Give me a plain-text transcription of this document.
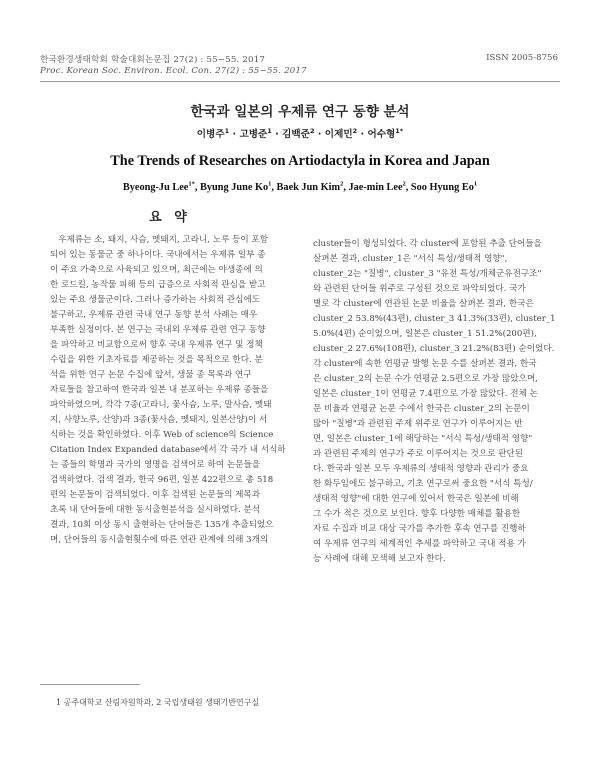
한국환경생태학회 학술대회논문집 27(2) : 55~55. 2017
Proc. Korean Soc. Environ. Ecol. Con. 27(2) : 55~55. 2017
ISSN 2005-8756
한국과 일본의 우제류 연구 동향 분석
이병주$^1$ · 고병준$^1$ · 김백준$^2$ · 이제민$^2$ · 어수형$^{1*}$
The Trends of Researches on Artiodactyla in Korea and Japan
Byeong-Ju Lee$^{1*}$, Byung June Ko$^1$, Baek Jun Kim$^2$, Jae-min Lee$^2$, Soo Hyung Eo$^1$
요 약
우제류는 소, 돼지, 사슴, 멧돼지, 고라니, 노루 등이 포함
되어 있는 동물군 중 하나이다. 국내에서는 우제류 일부 종
이 주요 가축으로 사육되고 있으며, 최근에는 야생종에 의
한 로드킬, 농작물 피해 등의 급증으로 사회적 관심을 받고
있는 주요 생물군이다. 그러나 증가하는 사회적 관심에도
불구하고, 우제류 관련 국내 연구 동향 분석 사례는 매우
부족한 실정이다. 본 연구는 국내외 우제류 관련 연구 동향
을 파악하고 비교함으로써 향후 국내 우제류 연구 및 정책
수립을 위한 기초자료를 제공하는 것을 목적으로 한다. 분
석을 위한 연구 논문 수집에 앞서, 생물 종 목록과 연구
자료들을 참고하여 한국과 일본 내 분포하는 우제류 종들을
파악하였으며, 각각 7종(고라니, 꽃사슴, 노루, 말사슴, 멧돼
지, 사향노루, 산양)과 3종(꽃사슴, 멧돼지, 일본산양)이 서
식하는 것을 확인하였다. 이후 Web of science의 Science
Citation Index Expanded database에서 각 국가 내 서식하
는 종들의 학명과 국가의 영명을 검색어로 하여 논문들을
검색하였다. 검색 결과, 한국 96편, 일본 422편으로 총 518
편의 논문들이 검색되었다. 이후 검색된 논문들의 제목과
초록 내 단어들에 대한 동시출현분석을 실시하였다. 분석
결과, 10회 이상 동시 출현하는 단어들은 135개 추출되었으
며, 단어들의 동시출현횟수에 따른 연관 관계에 의해 3개의
cluster들이 형성되었다. 각 cluster에 포함된 추출 단어들을
살펴본 결과, cluster_1은 "서식 특성/생태적 영향",
cluster_2는 "질병", cluster_3 "유전 특성/개체군유전구조"
와 관련된 단어들 위주로 구성된 것으로 파악되었다. 국가
별로 각 cluster에 연관된 논문 비율을 살펴본 결과, 한국은
cluster_2 53.8%(43편), cluster_3 41.3%(33편), cluster_1
5.0%(4편) 순이었으며, 일본은 cluster_1 51.2%(200편),
cluster_2 27.6%(108편), cluster_3 21.2%(83편) 순이었다.
각 cluster에 속한 연평균 발행 논문 수를 살펴본 결과, 한국
은 cluster_2의 논문 수가 연평균 2.5편으로 가장 많았으며,
일본은 cluster_1이 연평균 7.4편으로 가장 많았다. 전체 논
문 비율과 연평균 논문 수에서 한국은 cluster_2의 논문이
많아 "질병"과 관련된 주제 위주로 연구가 이루어지는 반
면, 일본은 cluster_1에 해당하는 "서식 특성/생태적 영향"
과 관련된 주제의 연구가 주로 이루어지는 것으로 판단된
다. 한국과 일본 모두 우제류의 생태적 영향과 관리가 중요
한 화두임에도 불구하고, 기초 연구로써 중요한 "서식 특성/
생태적 영향"에 대한 연구에 있어서 한국은 일본에 비해
그 수가 적은 것으로 보인다. 향후 다양한 매체를 활용한
자료 수집과 비교 대상 국가를 추가한 후속 연구를 진행하
여 우제류 연구의 세계적인 추세를 파악하고 국내 적용 가
능 사례에 대해 모색해 보고자 한다.
1 공주대학교 산림자원학과, 2 국립생태원 생태기반연구실
